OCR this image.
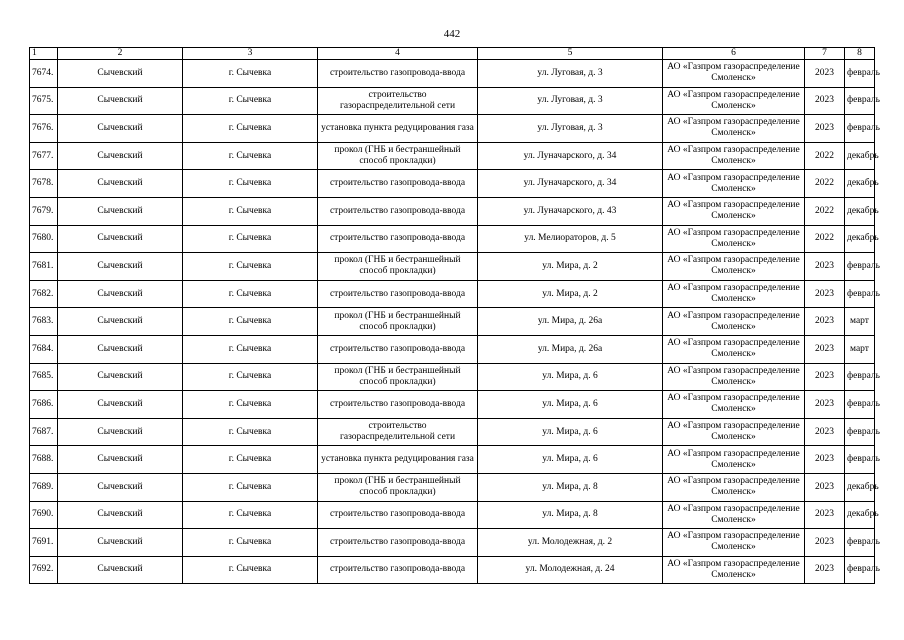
442
1	2	3	4	5	6	7	8
7674.	Сычевский	г. Сычевка	строительство газопровода-ввода	ул. Луговая, д. 3	АО «Газпром газораспределение Смоленск»	2023	февраль
7675.	Сычевский	г. Сычевка	строительство газораспределительной сети	ул. Луговая, д. 3	АО «Газпром газораспределение Смоленск»	2023	февраль
7676.	Сычевский	г. Сычевка	установка пункта редуцирования газа	ул. Луговая, д. 3	АО «Газпром газораспределение Смоленск»	2023	февраль
7677.	Сычевский	г. Сычевка	прокол (ГНБ и бестраншейный способ прокладки)	ул. Луначарского, д. 34	АО «Газпром газораспределение Смоленск»	2022	декабрь
7678.	Сычевский	г. Сычевка	строительство газопровода-ввода	ул. Луначарского, д. 34	АО «Газпром газораспределение Смоленск»	2022	декабрь
7679.	Сычевский	г. Сычевка	строительство газопровода-ввода	ул. Луначарского, д. 43	АО «Газпром газораспределение Смоленск»	2022	декабрь
7680.	Сычевский	г. Сычевка	строительство газопровода-ввода	ул. Мелиораторов, д. 5	АО «Газпром газораспределение Смоленск»	2022	декабрь
7681.	Сычевский	г. Сычевка	прокол (ГНБ и бестраншейный способ прокладки)	ул. Мира, д. 2	АО «Газпром газораспределение Смоленск»	2023	февраль
7682.	Сычевский	г. Сычевка	строительство газопровода-ввода	ул. Мира, д. 2	АО «Газпром газораспределение Смоленск»	2023	февраль
7683.	Сычевский	г. Сычевка	прокол (ГНБ и бестраншейный способ прокладки)	ул. Мира, д. 26а	АО «Газпром газораспределение Смоленск»	2023	март
7684.	Сычевский	г. Сычевка	строительство газопровода-ввода	ул. Мира, д. 26а	АО «Газпром газораспределение Смоленск»	2023	март
7685.	Сычевский	г. Сычевка	прокол (ГНБ и бестраншейный способ прокладки)	ул. Мира, д. 6	АО «Газпром газораспределение Смоленск»	2023	февраль
7686.	Сычевский	г. Сычевка	строительство газопровода-ввода	ул. Мира, д. 6	АО «Газпром газораспределение Смоленск»	2023	февраль
7687.	Сычевский	г. Сычевка	строительство газораспределительной сети	ул. Мира, д. 6	АО «Газпром газораспределение Смоленск»	2023	февраль
7688.	Сычевский	г. Сычевка	установка пункта редуцирования газа	ул. Мира, д. 6	АО «Газпром газораспределение Смоленск»	2023	февраль
7689.	Сычевский	г. Сычевка	прокол (ГНБ и бестраншейный способ прокладки)	ул. Мира, д. 8	АО «Газпром газораспределение Смоленск»	2023	декабрь
7690.	Сычевский	г. Сычевка	строительство газопровода-ввода	ул. Мира, д. 8	АО «Газпром газораспределение Смоленск»	2023	декабрь
7691.	Сычевский	г. Сычевка	строительство газопровода-ввода	ул. Молодежная, д. 2	АО «Газпром газораспределение Смоленск»	2023	февраль
7692.	Сычевский	г. Сычевка	строительство газопровода-ввода	ул. Молодежная, д. 24	АО «Газпром газораспределение Смоленск»	2023	февраль
